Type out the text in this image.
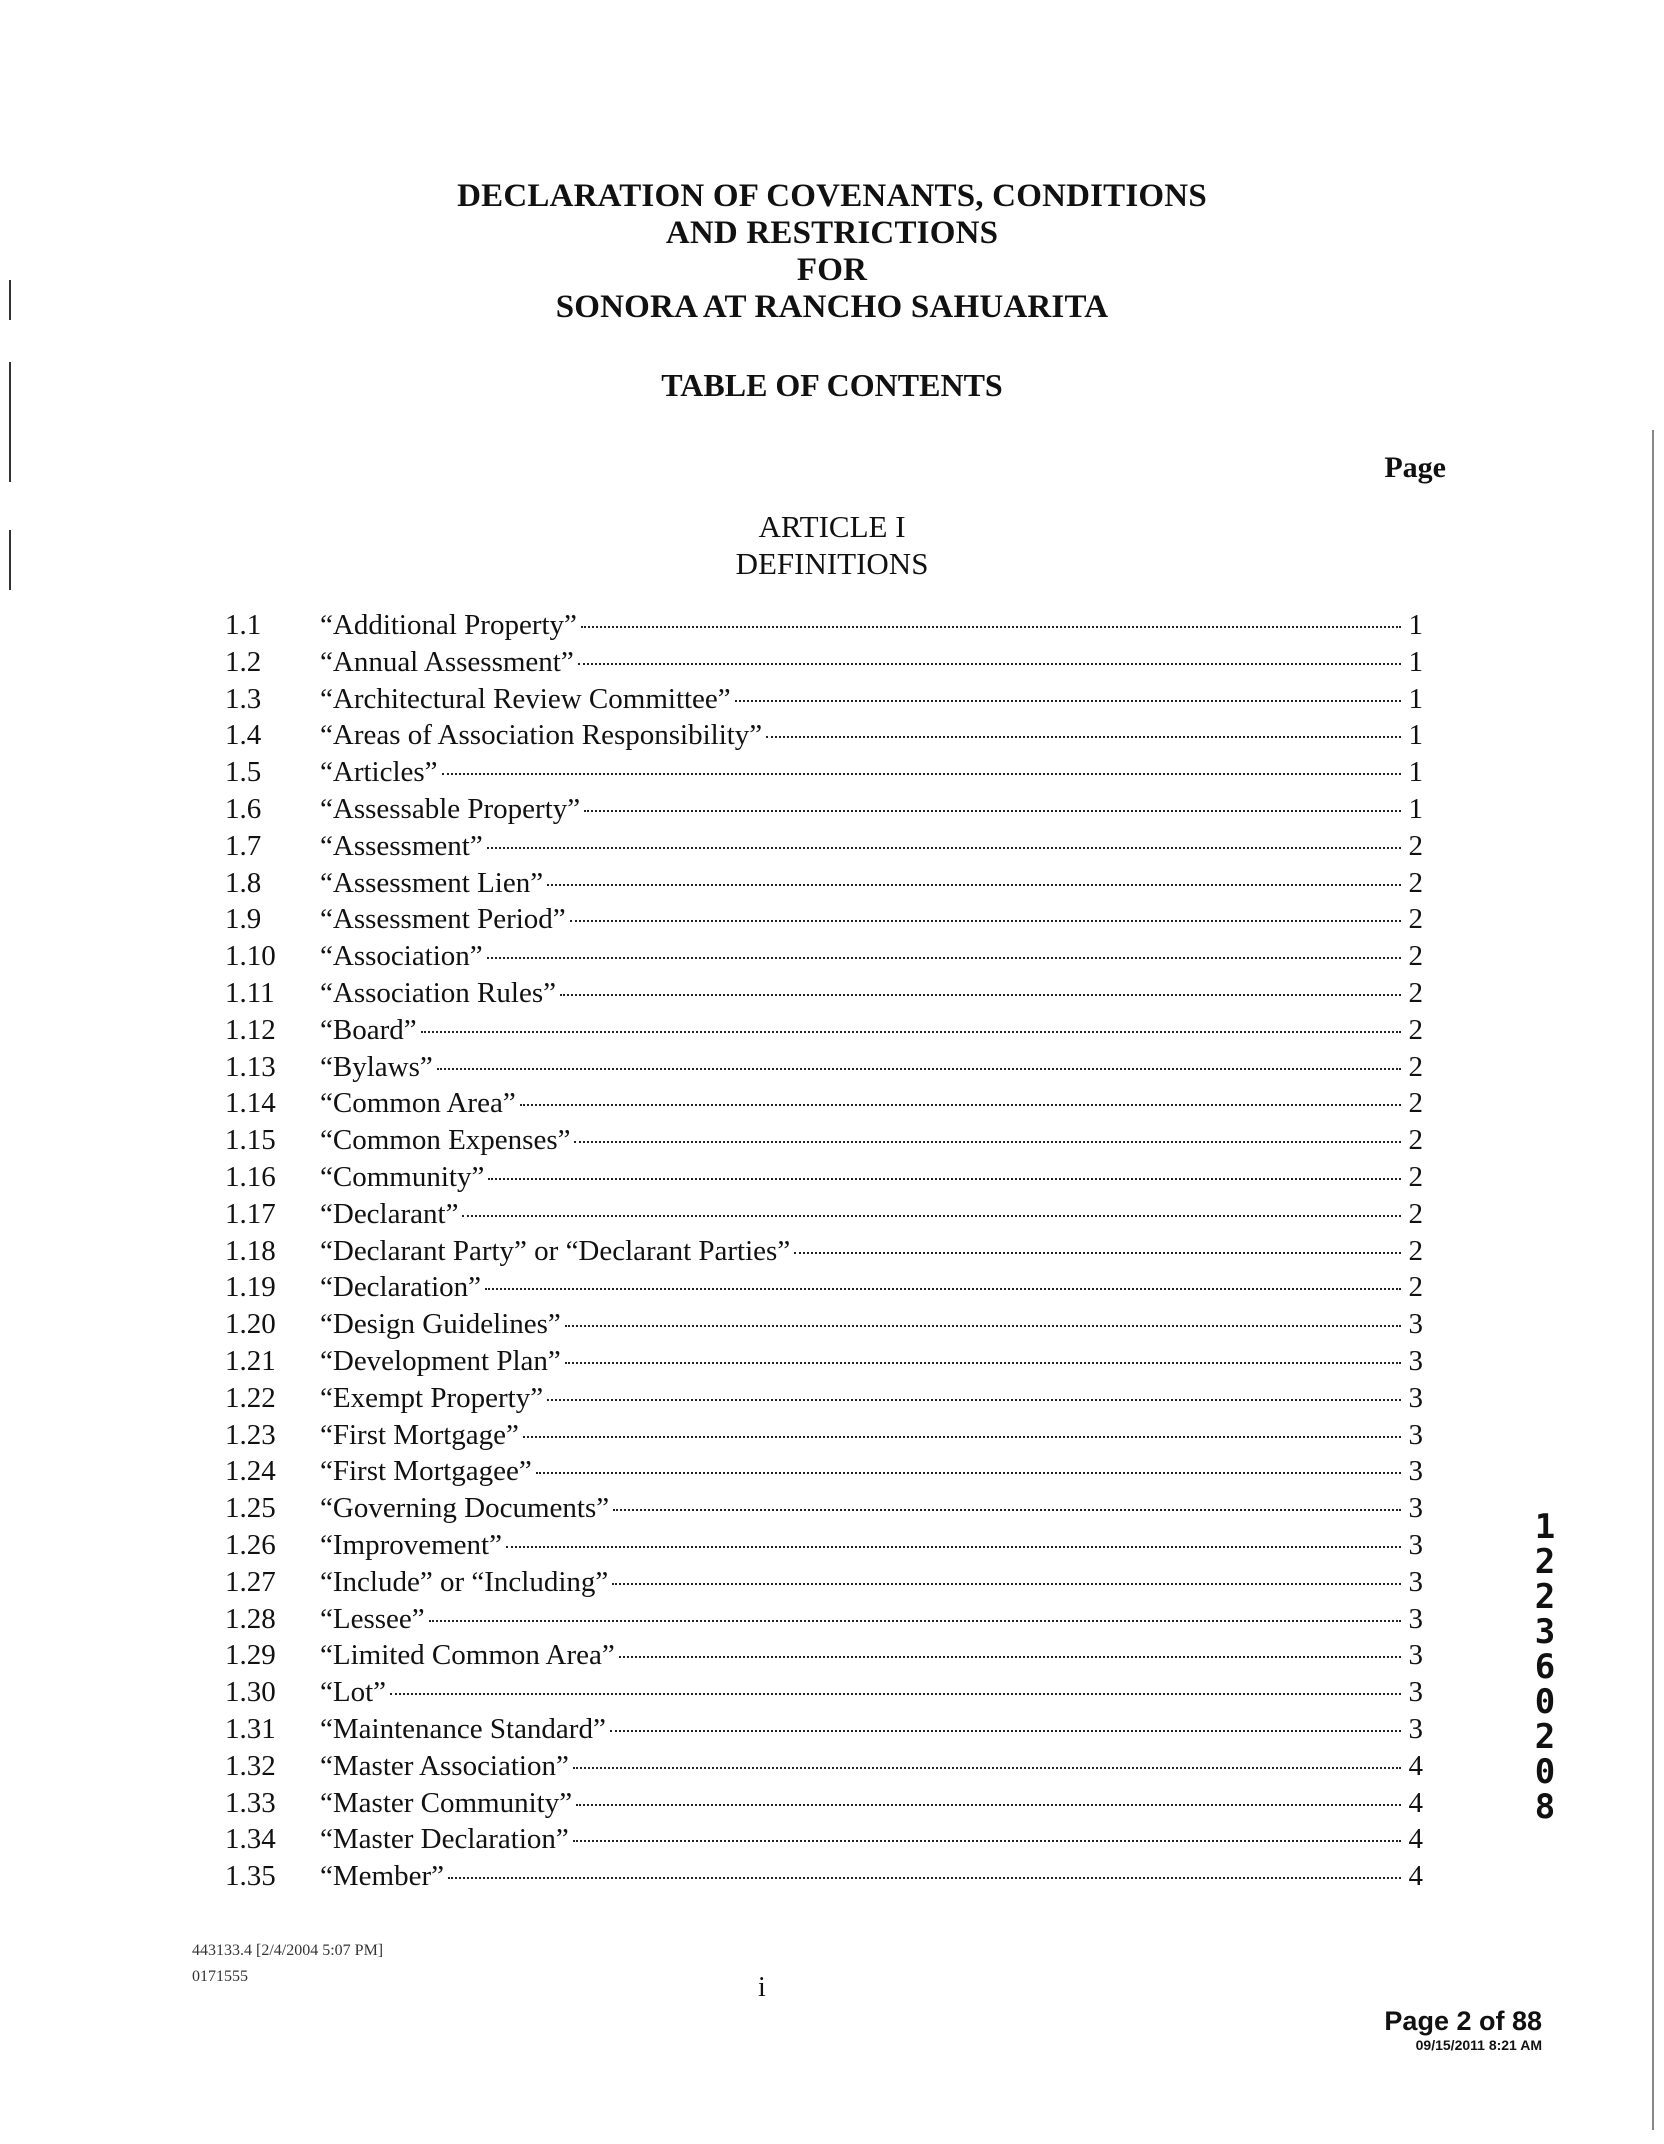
DECLARATION OF COVENANTS, CONDITIONS
AND RESTRICTIONS
FOR
SONORA AT RANCHO SAHUARITA
TABLE OF CONTENTS
Page
ARTICLE I
DEFINITIONS
1.1	“Additional Property”	1
1.2	“Annual Assessment”	1
1.3	“Architectural Review Committee”	1
1.4	“Areas of Association Responsibility”	1
1.5	“Articles”	1
1.6	“Assessable Property”	1
1.7	“Assessment”	2
1.8	“Assessment Lien”	2
1.9	“Assessment Period”	2
1.10	“Association”	2
1.11	“Association Rules”	2
1.12	“Board”	2
1.13	“Bylaws”	2
1.14	“Common Area”	2
1.15	“Common Expenses”	2
1.16	“Community”	2
1.17	“Declarant”	2
1.18	“Declarant Party” or “Declarant Parties”	2
1.19	“Declaration”	2
1.20	“Design Guidelines”	3
1.21	“Development Plan”	3
1.22	“Exempt Property”	3
1.23	“First Mortgage”	3
1.24	“First Mortgagee”	3
1.25	“Governing Documents”	3
1.26	“Improvement”	3
1.27	“Include” or “Including”	3
1.28	“Lessee”	3
1.29	“Limited Common Area”	3
1.30	“Lot”	3
1.31	“Maintenance Standard”	3
1.32	“Master Association”	4
1.33	“Master Community”	4
1.34	“Master Declaration”	4
1.35	“Member”	4
12236 0208
443133.4 [2/4/2004 5:07 PM]
0171555	i
Page 2 of 88
09/15/2011 8:21 AM
